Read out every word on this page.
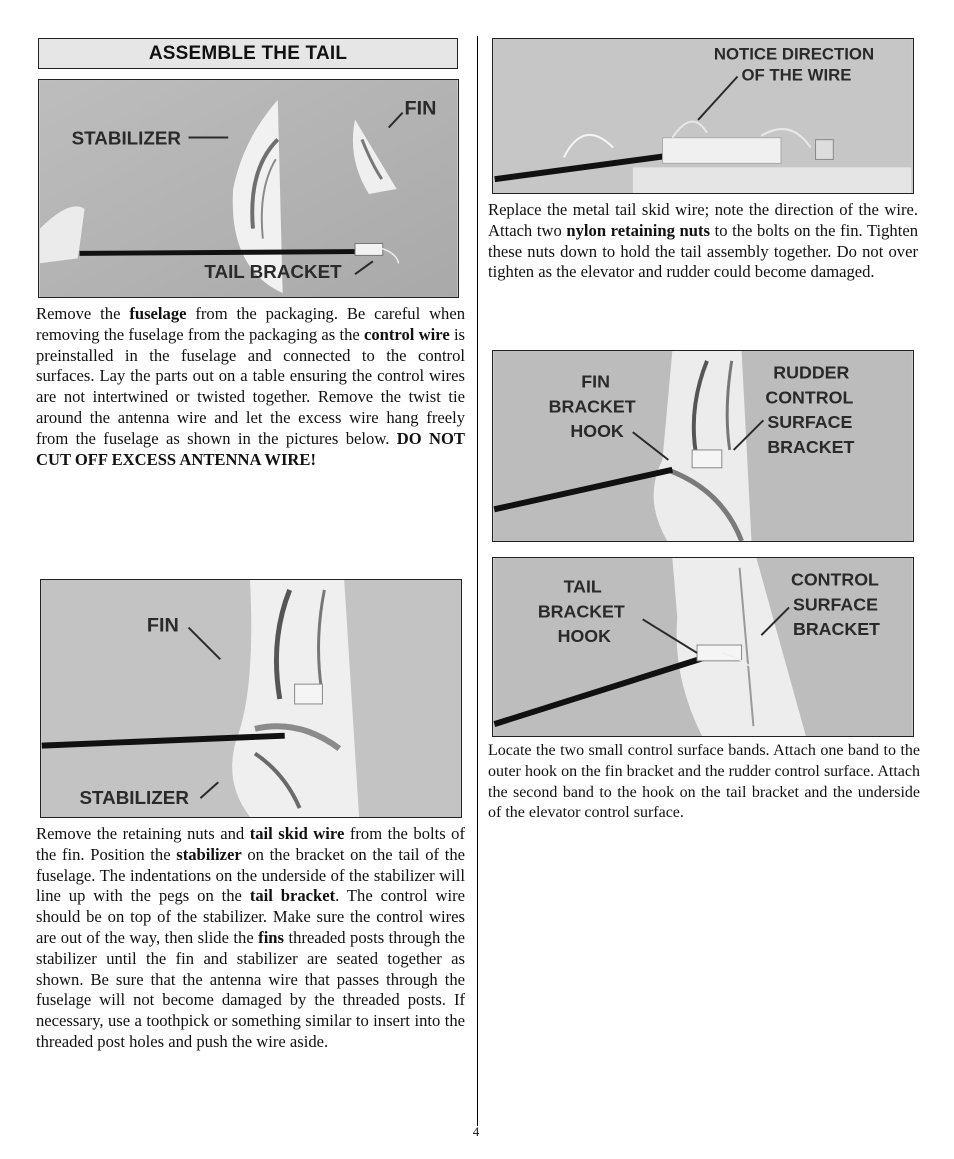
ASSEMBLE THE TAIL
STABILIZER
FIN
TAIL BRACKET
Remove the fuselage from the packaging. Be careful when removing the fuselage from the packaging as the control wire is preinstalled in the fuselage and connected to the control surfaces. Lay the parts out on a table ensuring the control wires are not intertwined or twisted together. Remove the twist tie around the antenna wire and let the excess wire hang freely from the fuselage as shown in the pictures below. DO NOT CUT OFF EXCESS ANTENNA WIRE!
FIN
STABILIZER
Remove the retaining nuts and tail skid wire from the bolts of the fin. Position the stabilizer on the bracket on the tail of the fuselage. The indentations on the underside of the stabilizer will line up with the pegs on the tail bracket. The control wire should be on top of the stabilizer. Make sure the control wires are out of the way, then slide the fins threaded posts through the stabilizer until the fin and stabilizer are seated together as shown. Be sure that the antenna wire that passes through the fuselage will not become damaged by the threaded posts. If necessary, use a toothpick or something similar to insert into the threaded post holes and push the wire aside.
NOTICE DIRECTION
OF THE WIRE
Replace the metal tail skid wire; note the direction of the wire. Attach two nylon retaining nuts to the bolts on the fin. Tighten these nuts down to hold the tail assembly together. Do not over tighten as the elevator and rudder could become damaged.
FIN
BRACKET
HOOK
RUDDER
CONTROL
SURFACE
BRACKET
TAIL
BRACKET
HOOK
CONTROL
SURFACE
BRACKET
Locate the two small control surface bands. Attach one band to the outer hook on the fin bracket and the rudder control surface. Attach the second band to the hook on the tail bracket and the underside of the elevator control surface.
4
